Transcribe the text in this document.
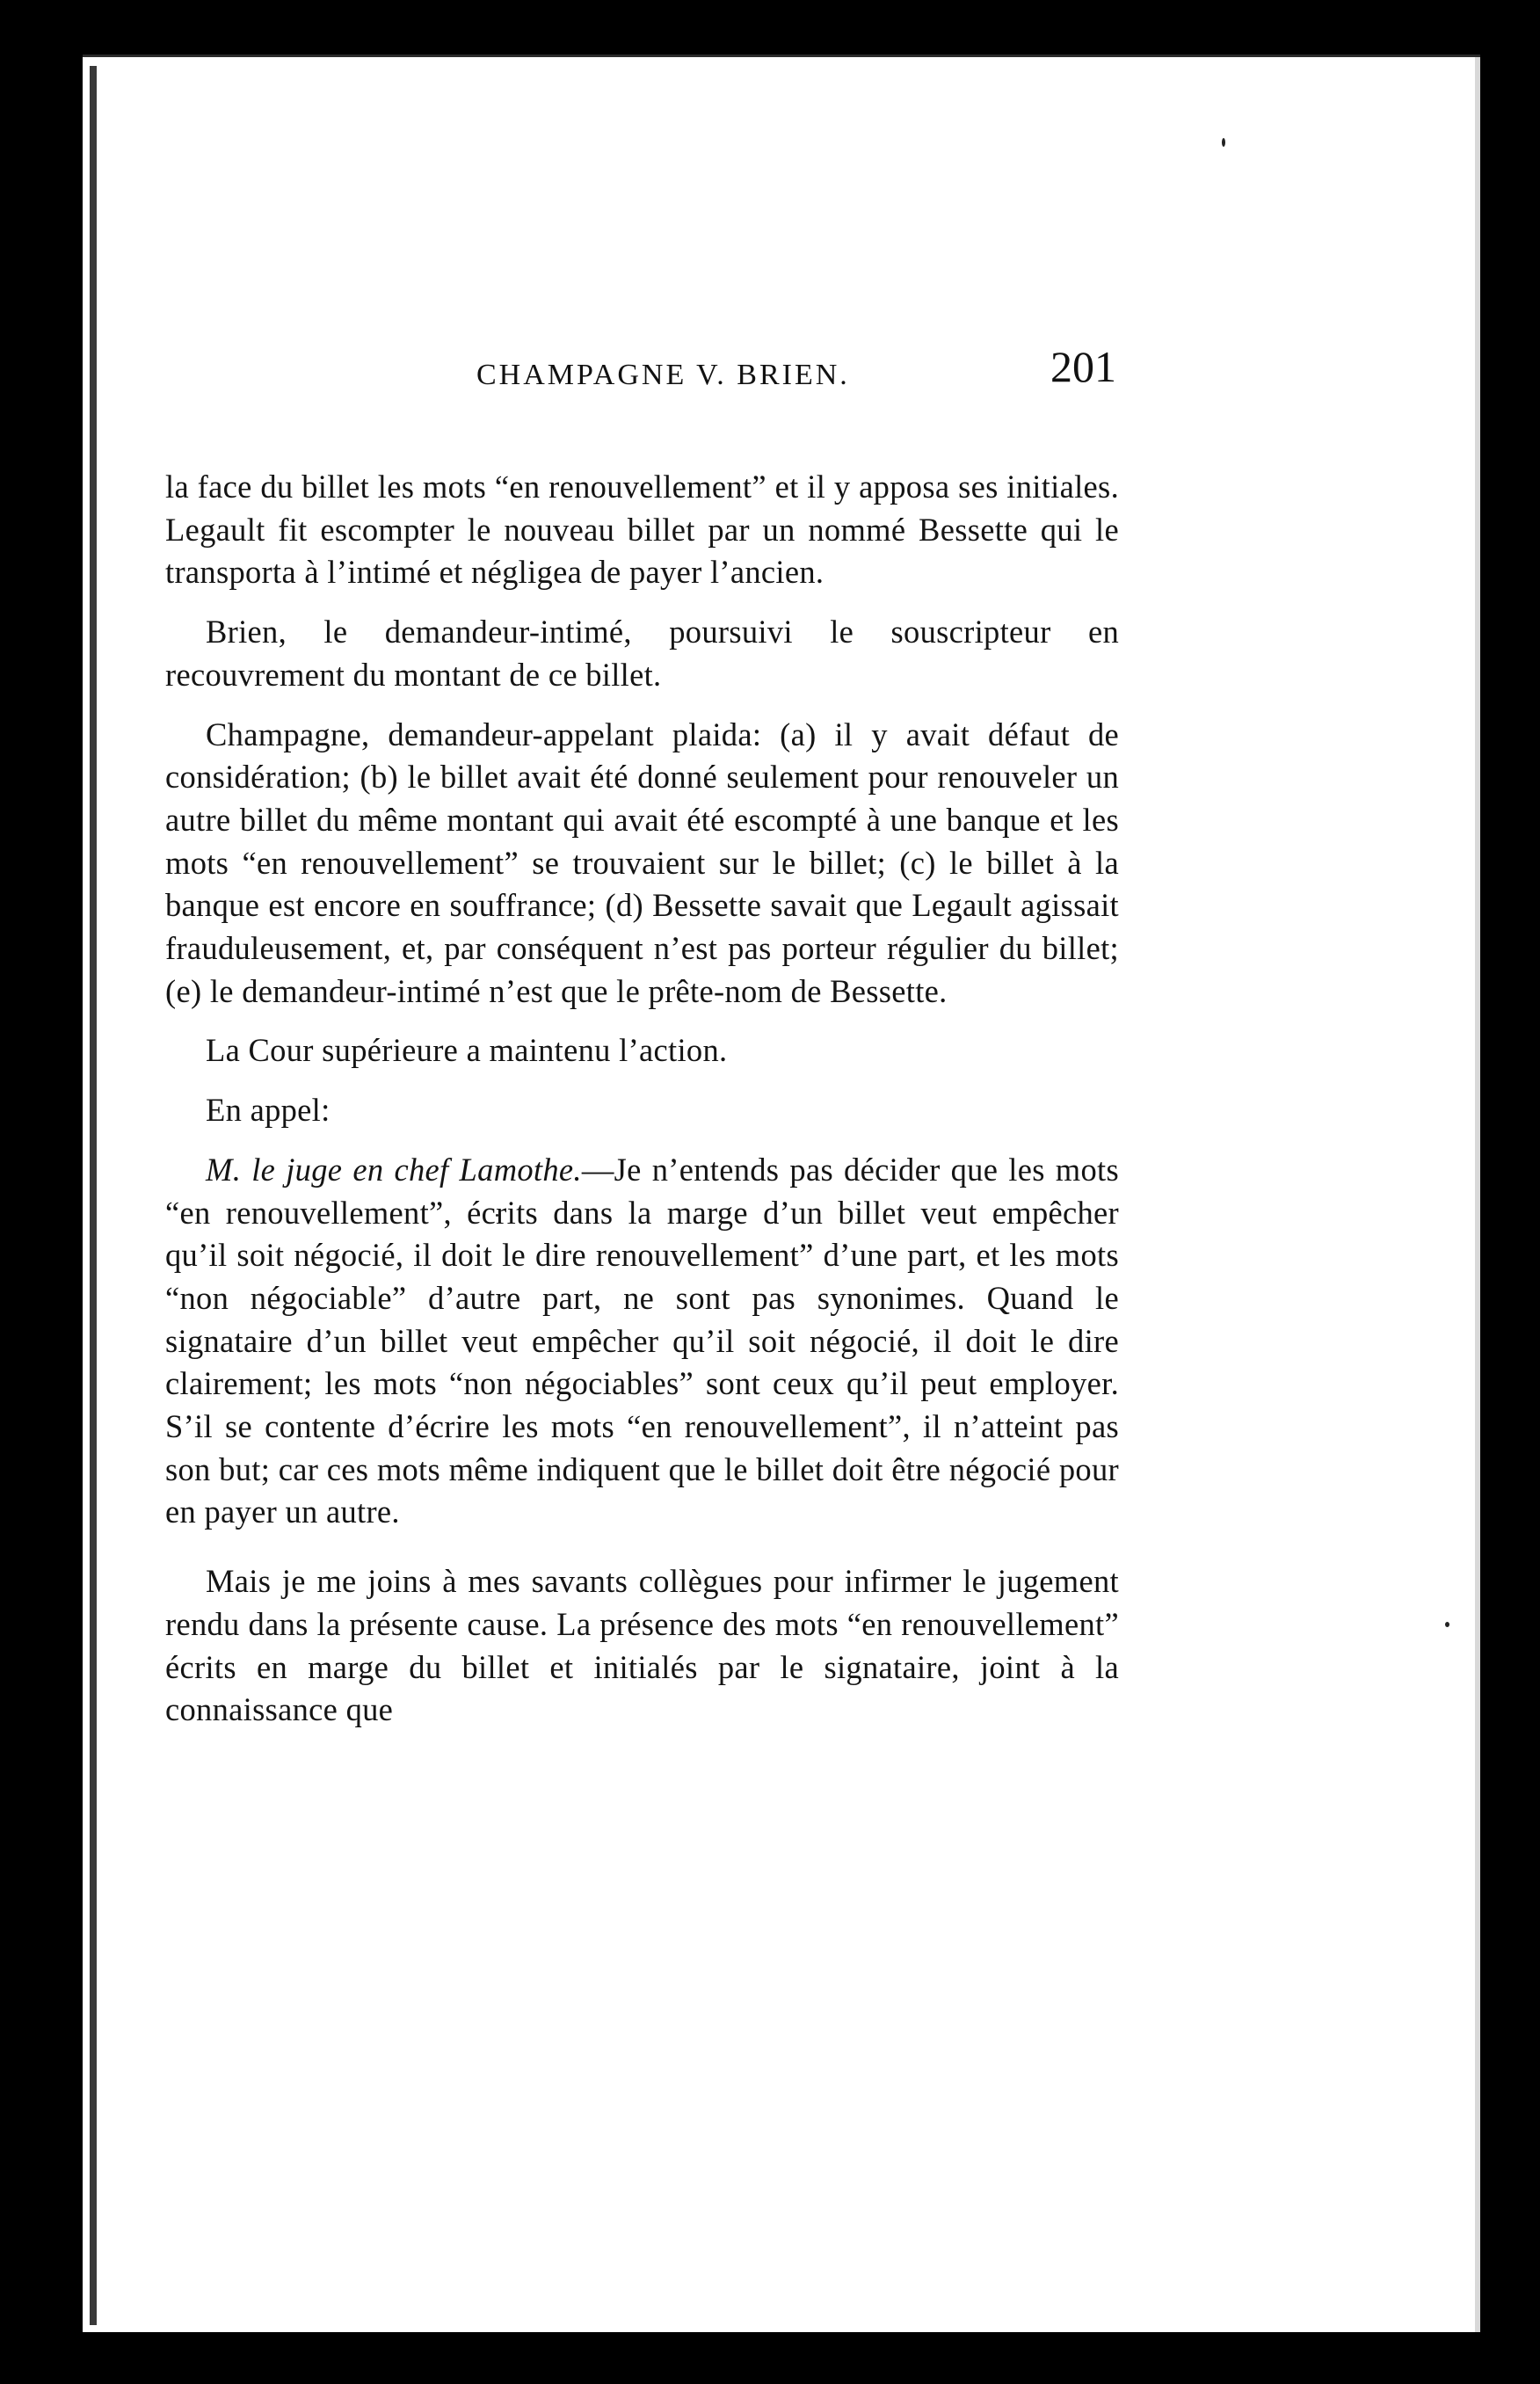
CHAMPAGNE V. BRIEN.	201

la face du billet les mots “en renouvellement” et il y apposa ses initiales. Legault fit escompter le nouveau billet par un nommé Bessette qui le transporta à l’intimé et négligea de payer l’ancien.

Brien, le demandeur-intimé, poursuivi le souscripteur en recouvrement du montant de ce billet.

Champagne, demandeur-appelant plaida: (a) il y avait défaut de considération; (b) le billet avait été donné seulement pour renouveler un autre billet du même montant qui avait été escompté à une banque et les mots “en renouvellement” se trouvaient sur le billet; (c) le billet à la banque est encore en souffrance; (d) Bessette savait que Legault agissait frauduleusement, et, par conséquent n’est pas porteur régulier du billet; (e) le demandeur-intimé n’est que le prête-nom de Bessette.

La Cour supérieure a maintenu l’action.

En appel:

M. le juge en chef Lamothe.—Je n’entends pas décider que les mots “en renouvellement”, écrits dans la marge d’un billet veut empêcher qu’il soit négocié, il doit le dire renouvellement” d’une part, et les mots “non négociable” d’autre part, ne sont pas synonimes. Quand le signataire d’un billet veut empêcher qu’il soit négocié, il doit le dire clairement; les mots “non négociables” sont ceux qu’il peut employer. S’il se contente d’écrire les mots “en renouvellement”, il n’atteint pas son but; car ces mots même indiquent que le billet doit être négocié pour en payer un autre.

Mais je me joins à mes savants collègues pour infirmer le jugement rendu dans la présente cause. La présence des mots “en renouvellement” écrits en marge du billet et initialés par le signataire, joint à la connaissance que
